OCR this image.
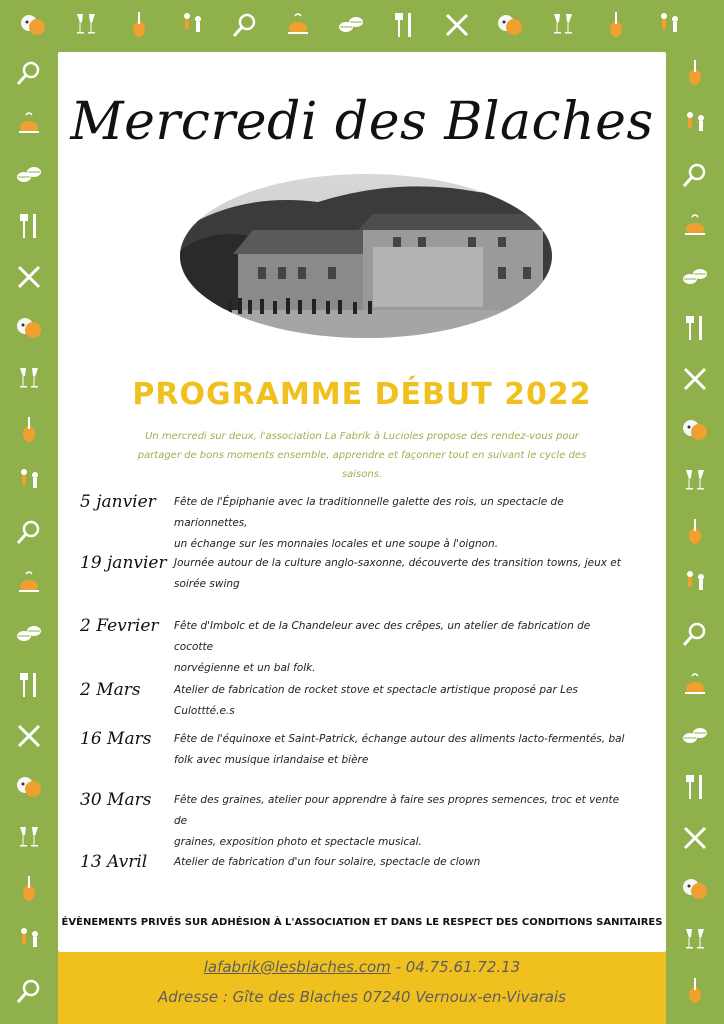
Mercredi des Blaches
PROGRAMME DÉBUT 2022
Un mercredi sur deux, l'association La Fabrik à Lucioles propose des rendez-vous pour
partager de bons moments ensemble, apprendre et façonner tout en suivant le cycle des saisons.
5 janvier	Fête de l'Épiphanie avec la traditionnelle galette des rois, un spectacle de marionnettes,
un échange sur les monnaies locales et une soupe à l'oignon.
19 janvier Journée autour de la culture anglo-saxonne, découverte des transition towns, jeux et
soirée swing
2 Fevrier	Fête d'Imbolc et de la Chandeleur avec des crêpes, un atelier de fabrication de cocotte
norvégienne et un bal folk.
2 Mars	Atelier de fabrication de rocket stove et spectacle artistique proposé par Les Culottté.e.s
16 Mars	Fête de l'équinoxe et Saint-Patrick, échange autour des aliments lacto-fermentés, bal
folk avec musique irlandaise et bière
30 Mars	Fête des graines, atelier pour apprendre à faire ses propres semences, troc et vente de
graines, exposition photo et spectacle musical.
13 Avril	Atelier de fabrication d'un four solaire, spectacle de clown
ÉVÈNEMENTS PRIVÉS SUR ADHÉSION À L'ASSOCIATION ET DANS LE RESPECT DES CONDITIONS SANITAIRES
lafabrik@lesblaches.com - 04.75.61.72.13
Adresse : Gîte des Blaches 07240 Vernoux-en-Vivarais
